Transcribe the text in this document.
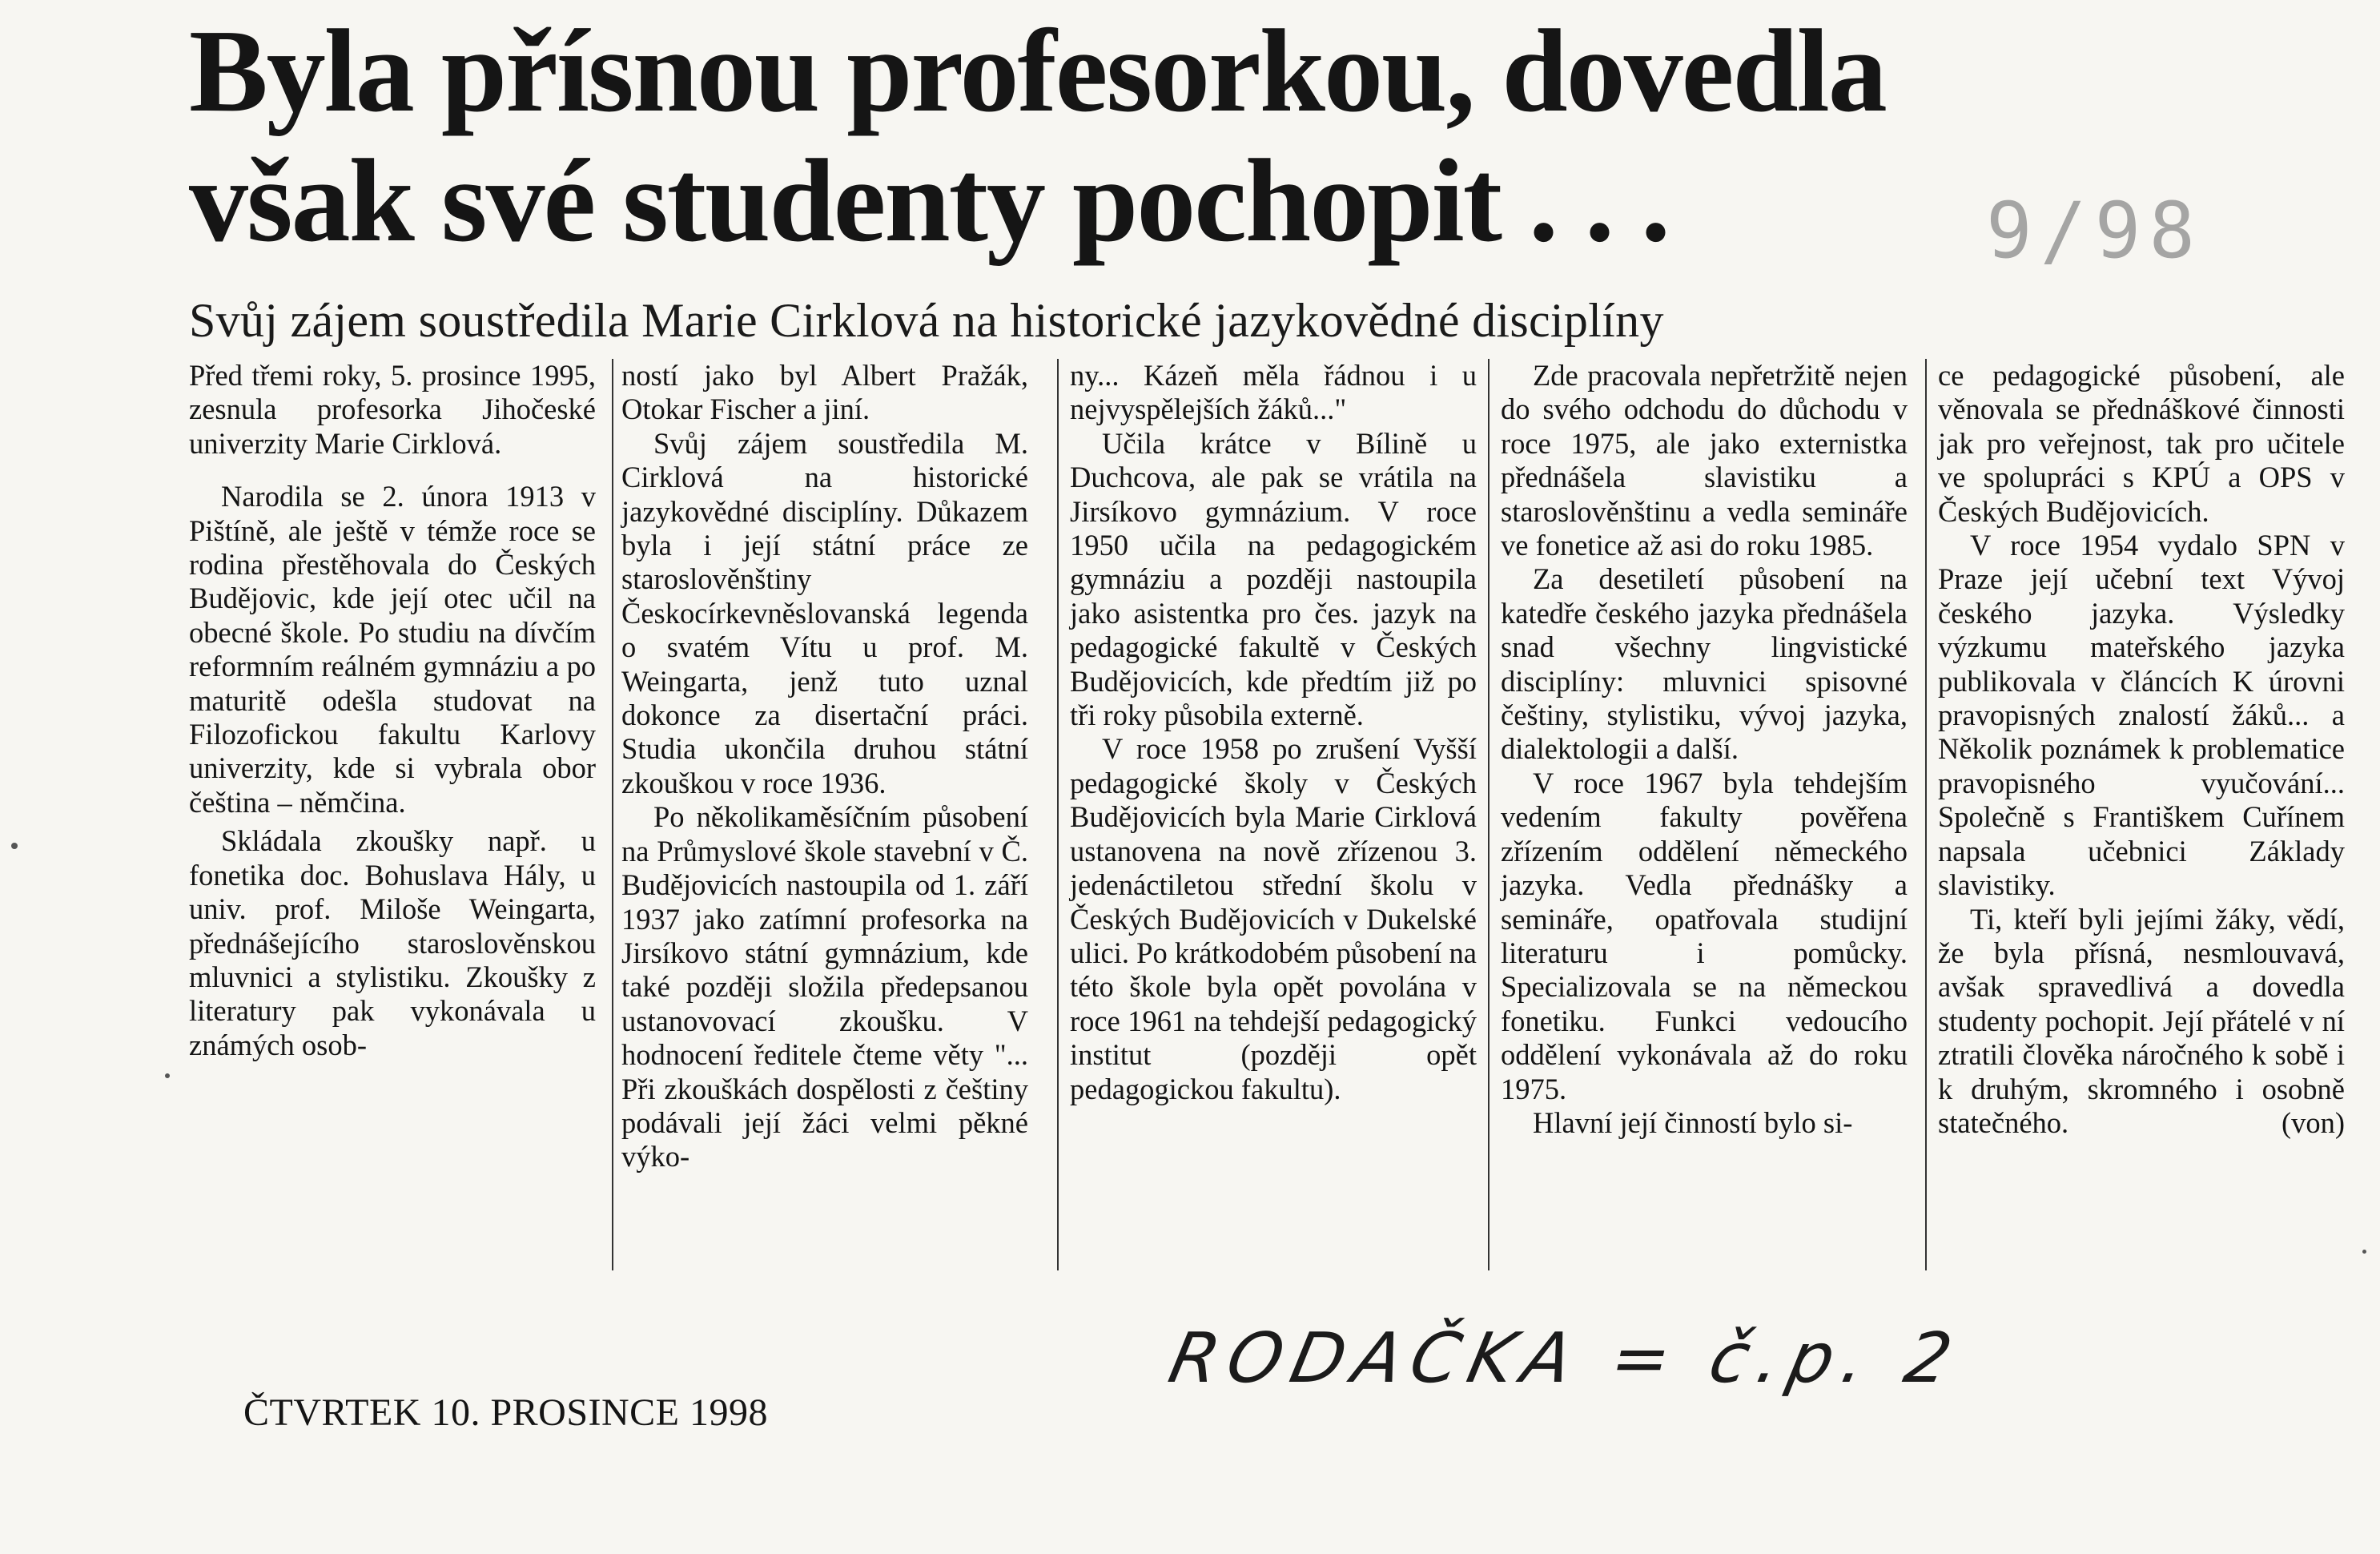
Byla přísnou profesorkou, dovedla
však své studenty pochopit . . .	9/98
Svůj zájem soustředila Marie Cirklová na historické jazykovědné disciplíny

Před třemi roky, 5. prosince 1995, zesnula profesorka Jihočeské univerzity Marie Cirklová.

Narodila se 2. února 1913 v Pištíně, ale ještě v témže roce se rodina přestěhovala do Českých Budějovic, kde její otec učil na obecné škole. Po studiu na dívčím reformním reálném gymnáziu a po maturitě odešla studovat na Filozofickou fakultu Karlovy univerzity, kde si vybrala obor čeština – němčina.

Skládala zkoušky např. u fonetika doc. Bohuslava Hály, u univ. prof. Miloše Weingarta, přednášejícího staroslověnskou mluvnici a stylistiku. Zkoušky z literatury pak vykonávala u známých osob-

ností jako byl Albert Pražák, Otokar Fischer a jiní.

Svůj zájem soustředila M. Cirklová na historické jazykovědné disciplíny. Důkazem byla i její státní práce ze staroslověnštiny Českocírkevněslovanská legenda o svatém Vítu u prof. M. Weingarta, jenž tuto uznal dokonce za disertační práci. Studia ukončila druhou státní zkouškou v roce 1936.

Po několikaměsíčním působení na Průmyslové škole stavební v Č. Budějovicích nastoupila od 1. září 1937 jako zatímní profesorka na Jirsíkovo státní gymnázium, kde také později složila předepsanou ustanovovací zkoušku. V hodnocení ředitele čteme věty "... Při zkouškách dospělosti z češtiny podávali její žáci velmi pěkné výko-

ny... Kázeň měla řádnou i u nejvyspělejších žáků..."

Učila krátce v Bílině u Duchcova, ale pak se vrátila na Jirsíkovo gymnázium. V roce 1950 učila na pedagogickém gymnáziu a později nastoupila jako asistentka pro čes. jazyk na pedagogické fakultě v Českých Budějovicích, kde předtím již po tři roky působila externě.

V roce 1958 po zrušení Vyšší pedagogické školy v Českých Budějovicích byla Marie Cirklová ustanovena na nově zřízenou 3. jedenáctiletou střední školu v Českých Budějovicích v Dukelské ulici. Po krátkodobém působení na této škole byla opět povolána v roce 1961 na tehdejší pedagogický institut (později opět pedagogickou fakultu).

Zde pracovala nepřetržitě nejen do svého odchodu do důchodu v roce 1975, ale jako externistka přednášela slavistiku a staroslověnštinu a vedla semináře ve fonetice až asi do roku 1985.

Za desetiletí působení na katedře českého jazyka přednášela snad všechny lingvistické disciplíny: mluvnici spisovné češtiny, stylistiku, vývoj jazyka, dialektologii a další.

V roce 1967 byla tehdejším vedením fakulty pověřena zřízením oddělení německého jazyka. Vedla přednášky a semináře, opatřovala studijní literaturu i pomůcky. Specializovala se na německou fonetiku. Funkci vedoucího oddělení vykonávala až do roku 1975.

Hlavní její činností bylo si-

ce pedagogické působení, ale věnovala se přednáškové činnosti jak pro veřejnost, tak pro učitele ve spolupráci s KPÚ a OPS v Českých Budějovicích.

V roce 1954 vydalo SPN v Praze její učební text Vývoj českého jazyka. Výsledky výzkumu mateřského jazyka publikovala v článcích K úrovni pravopisných znalostí žáků... a Několik poznámek k problematice pravopisného vyučování... Společně s Františkem Cuřínem napsala učebnici Základy slavistiky.

Ti, kteří byli jejími žáky, vědí, že byla přísná, nesmlouvavá, avšak spravedlivá a dovedla studenty pochopit. Její přátelé v ní ztratili člověka náročného k sobě i k druhým, skromného i osobně statečného.	(von)

ČTVRTEK 10. PROSINCE 1998
RODAČKA = č.p. 2
